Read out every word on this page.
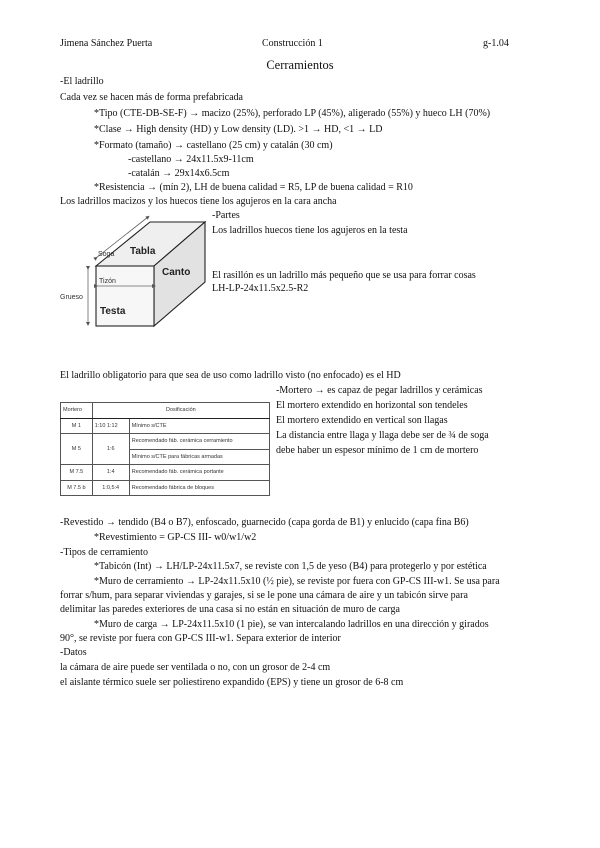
Jimena Sánchez Puerta	Construcción 1	g-1.04
Cerramientos
-El ladrillo
Cada vez se hacen más de forma prefabricada
*Tipo (CTE-DB-SE-F) → macizo (25%), perforado LP (45%), aligerado (55%) y hueco LH (70%)
*Clase → High density (HD) y Low density (LD). >1 → HD, <1 → LD
*Formato (tamaño) → castellano (25 cm) y catalán (30 cm)
-castellano → 24x11.5x9-11cm
-catalán → 29x14x6.5cm
*Resistencia → (mín 2), LH de buena calidad = R5, LP de buena calidad = R10
Los ladrillos macizos y los huecos tiene los agujeros en la cara ancha
Soga Tabla
Tizón
Canto
Grueso
Testa
-Partes
Los ladrillos huecos tiene los agujeros en la testa
El rasillón es un ladrillo más pequeño que se usa para forrar cosas
LH-LP-24x11.5x2.5-R2
El ladrillo obligatorio para que sea de uso como ladrillo visto (no enfocado) es el HD
Mortero	Dosificación	
M 1	1:10 1:12	Mínimo s/CTE
M 5	1:6	Recomendado fáb. cerámica cerramiento
		Mínimo s/CTE para fábricas armadas
M 7.5	1:4	Recomendado fáb. cerámica portante
M 7.5 b	1:0,5:4	Recomendado fábrica de bloques
-Mortero → es capaz de pegar ladrillos y cerámicas
El mortero extendido en horizontal son tendeles
El mortero extendido en vertical son llagas
La distancia entre llaga y llaga debe ser de ¾ de soga
debe haber un espesor mínimo de 1 cm de mortero
-Revestido → tendido (B4 o B7), enfoscado, guarnecido (capa gorda de B1) y enlucido (capa fina B6)
*Revestimiento = GP-CS III- w0/w1/w2
-Tipos de cerramiento
*Tabicón (Int) → LH/LP-24x11.5x7, se reviste con 1,5 de yeso (B4) para protegerlo y por estética
*Muro de cerramiento → LP-24x11.5x10 (½ pie), se reviste por fuera con GP-CS III-w1. Se usa para
forrar s/hum, para separar viviendas y garajes, si se le pone una cámara de aire y un tabicón sirve para
delimitar las paredes exteriores de una casa si no están en situación de muro de carga
*Muro de carga → LP-24x11.5x10 (1 pie), se van intercalando ladrillos en una dirección y girados
90°, se reviste por fuera con GP-CS III-w1. Separa exterior de interior
-Datos
la cámara de aire puede ser ventilada o no, con un grosor de 2-4 cm
el aislante térmico suele ser poliestireno expandido (EPS) y tiene un grosor de 6-8 cm
